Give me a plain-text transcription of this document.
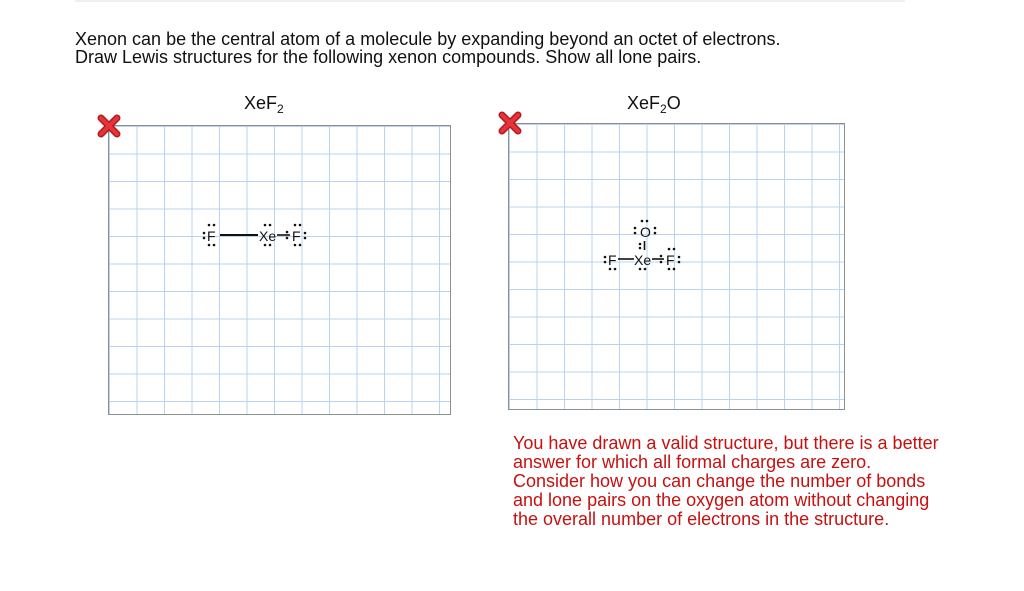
Xenon can be the central atom of a molecule by expanding beyond an octet of electrons.
Draw Lewis structures for the following xenon compounds. Show all lone pairs.
XeF$_2$
F	Xe F
XeF$_2$O
O
F Xe F
You have drawn a valid structure, but there is a better
answer for which all formal charges are zero.
Consider how you can change the number of bonds
and lone pairs on the oxygen atom without changing
the overall number of electrons in the structure.
